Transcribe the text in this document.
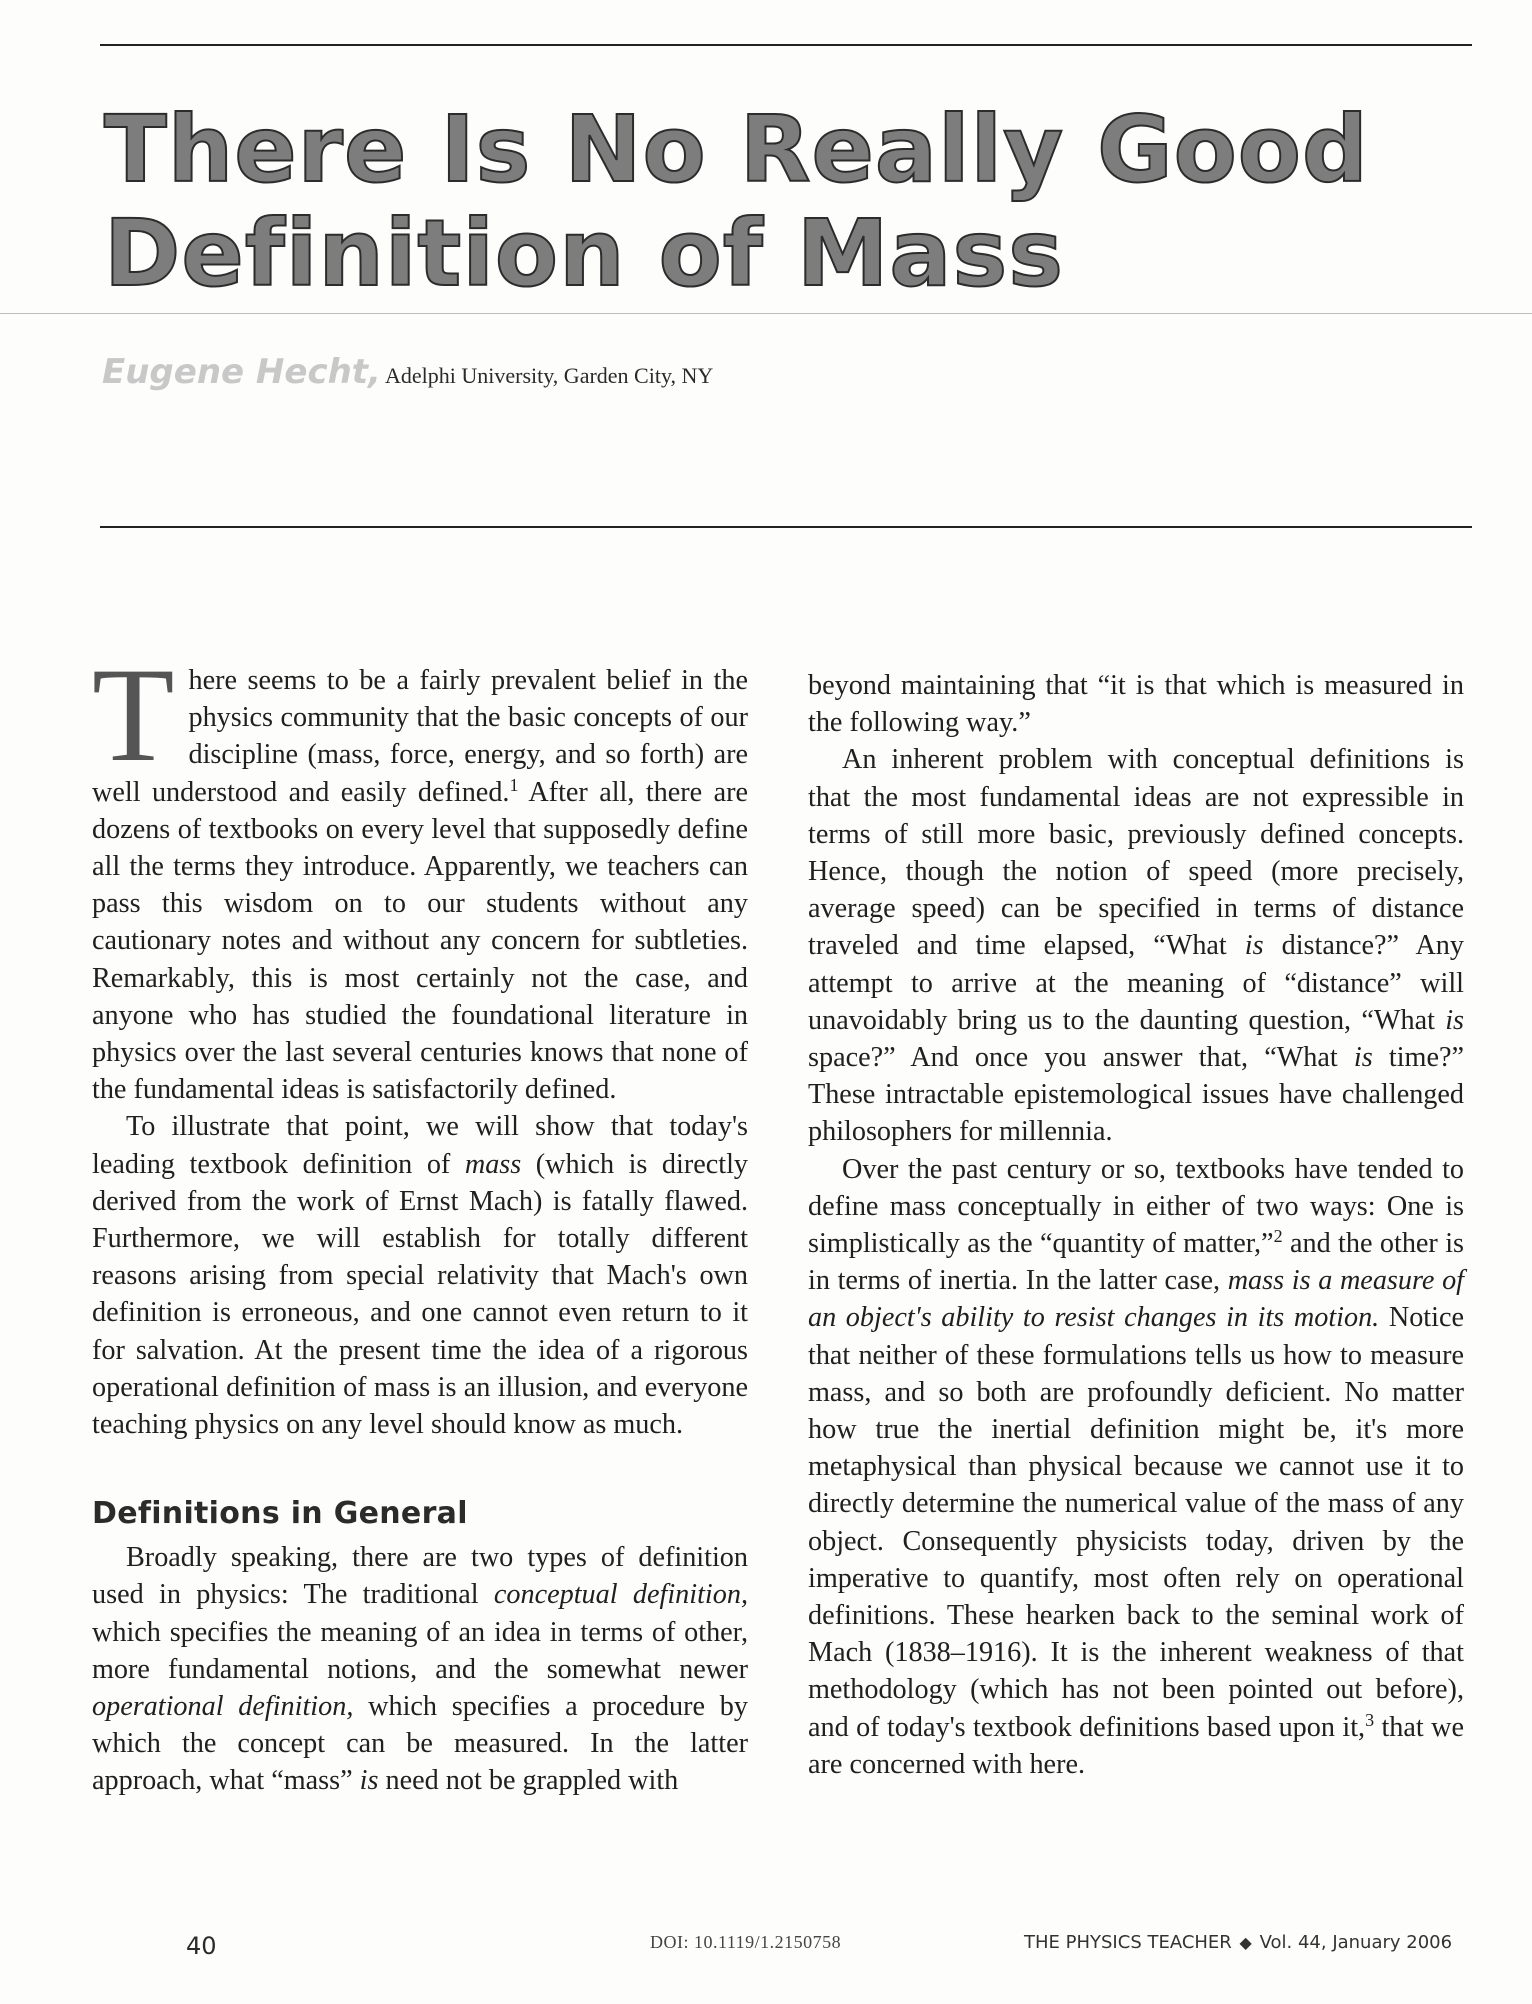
There Is No Really Good
Definition of Mass
Eugene Hecht, Adelphi University, Garden City, NY

There seems to be a fairly prevalent belief in the physics community that the basic concepts of our discipline (mass, force, energy, and so forth) are well understood and easily defined.$^1$ After all, there are dozens of textbooks on every level that supposedly define all the terms they introduce. Apparently, we teachers can pass this wisdom on to our students without any cautionary notes and without any concern for subtleties. Remarkably, this is most certainly not the case, and anyone who has studied the foundational literature in physics over the last several centuries knows that none of the fundamental ideas is satisfactorily defined.

To illustrate that point, we will show that today's leading textbook definition of mass (which is directly derived from the work of Ernst Mach) is fatally flawed. Furthermore, we will establish for totally different reasons arising from special relativity that Mach's own definition is erroneous, and one cannot even return to it for salvation. At the present time the idea of a rigorous operational definition of mass is an illusion, and everyone teaching physics on any level should know as much.

Definitions in General

Broadly speaking, there are two types of definition used in physics: The traditional conceptual definition, which specifies the meaning of an idea in terms of other, more fundamental notions, and the somewhat newer operational definition, which specifies a procedure by which the concept can be measured. In the latter approach, what “mass” is need not be grappled with

beyond maintaining that “it is that which is measured in the following way.”

An inherent problem with conceptual definitions is that the most fundamental ideas are not expressible in terms of still more basic, previously defined concepts. Hence, though the notion of speed (more precisely, average speed) can be specified in terms of distance traveled and time elapsed, “What is distance?” Any attempt to arrive at the meaning of “distance” will unavoidably bring us to the daunting question, “What is space?” And once you answer that, “What is time?” These intractable epistemological issues have challenged philosophers for millennia.

Over the past century or so, textbooks have tended to define mass conceptually in either of two ways: One is simplistically as the “quantity of matter,”$^2$ and the other is in terms of inertia. In the latter case, mass is a measure of an object's ability to resist changes in its motion. Notice that neither of these formulations tells us how to measure mass, and so both are profoundly deficient. No matter how true the inertial definition might be, it's more metaphysical than physical because we cannot use it to directly determine the numerical value of the mass of any object. Consequently physicists today, driven by the imperative to quantify, most often rely on operational definitions. These hearken back to the seminal work of Mach (1838–1916). It is the inherent weakness of that methodology (which has not been pointed out before), and of today's textbook definitions based upon it,$^3$ that we are concerned with here.

40	DOI: 10.1119/1.2150758	THE PHYSICS TEACHER ◆ Vol. 44, January 2006
